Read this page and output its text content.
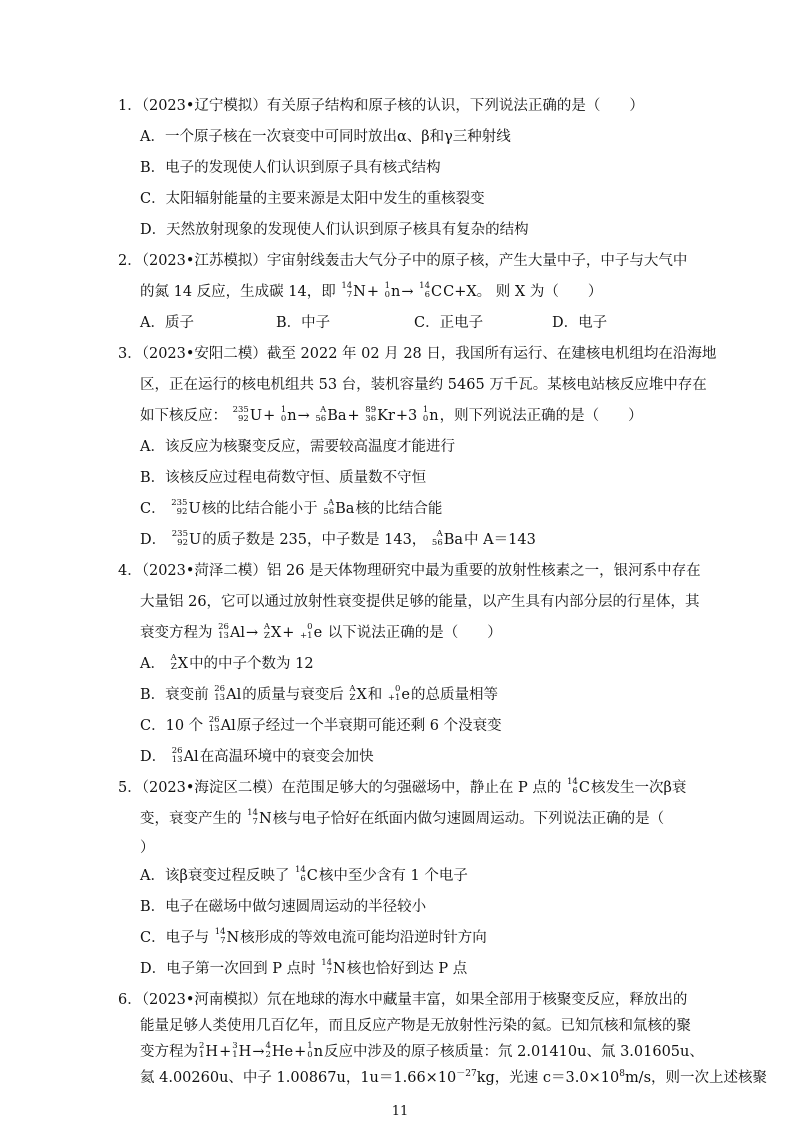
1．（2023•辽宁模拟）有关原子结构和原子核的认识，下列说法正确的是（　　）
A．一个原子核在一次衰变中可同时放出α、β和γ三种射线
B．电子的发现使人们认识到原子具有核式结构
C．太阳辐射能量的主要来源是太阳中发生的重核裂变
D．天然放射现象的发现使人们认识到原子核具有复杂的结构
2．（2023•江苏模拟）宇宙射线轰击大气分子中的原子核，产生大量中子，中子与大气中
的氮 14 反应，生成碳 14，即 14
7 N+ 1
0 n→ 14
6 CC+X。 则 X 为（　　）
A．质子	B．中子	C．正电子	D．电子
3．（2023•安阳二模）截至 2022 年 02 月 28 日，我国所有运行、在建核电机组均在沿海地
区，正在运行的核电机组共 53 台，装机容量约 5465 万千瓦。某核电站核反应堆中存在
如下核反应： 235
92 U+ 1
0 n→ A
56 Ba+ 89
36 Kr+3 1
0 n，则下列说法正确的是（　　）
A．该反应为核聚变反应，需要较高温度才能进行
B．该核反应过程电荷数守恒、质量数不守恒
C． 235
92 U核的比结合能小于 A
56 Ba核的比结合能
D． 235
92 U的质子数是 235，中子数是 143， A
56 Ba中 A＝143
4．（2023•菏泽二模）铝 26 是天体物理研究中最为重要的放射性核素之一，银河系中存在
大量铝 26，它可以通过放射性衰变提供足够的能量，以产生具有内部分层的行星体，其
衰变方程为 26
13 Al→ A
Z X+ 0
+1 e 以下说法正确的是（　　）
A． A
Z X中的中子个数为 12
B．衰变前 26
13 Al的质量与衰变后 A
Z X和 0
+1 e的总质量相等
C．10 个 26
13 Al原子经过一个半衰期可能还剩 6 个没衰变
D． 26
13 Al在高温环境中的衰变会加快
5．（2023•海淀区二模）在范围足够大的匀强磁场中，静止在 P 点的 14
6 C核发生一次β衰
变，衰变产生的 14
7 N核与电子恰好在纸面内做匀速圆周运动。下列说法正确的是（
）
A．该β衰变过程反映了 14
6 C核中至少含有 1 个电子
B．电子在磁场中做匀速圆周运动的半径较小
C．电子与 14
7 N核形成的等效电流可能均沿逆时针方向
D．电子第一次回到 P 点时 14
7 N核也恰好到达 P 点
6．（2023•河南模拟）氘在地球的海水中藏量丰富，如果全部用于核聚变反应，释放出的
能量足够人类使用几百亿年，而且反应产物是无放射性污染的氦。已知氘核和氚核的聚
11
变方程为 2
1 H+ 3
1 H→ 4
2 He+ 1
0 n反应中涉及的原子核质量：氘 2.01410u、氚 3.01605u、
氦 4.00260u、中子 1.00867u，$1u=1.66\times 10^{-27}kg$，光速 $c=3.0\times 10^8m/s$，则一次上述核聚
